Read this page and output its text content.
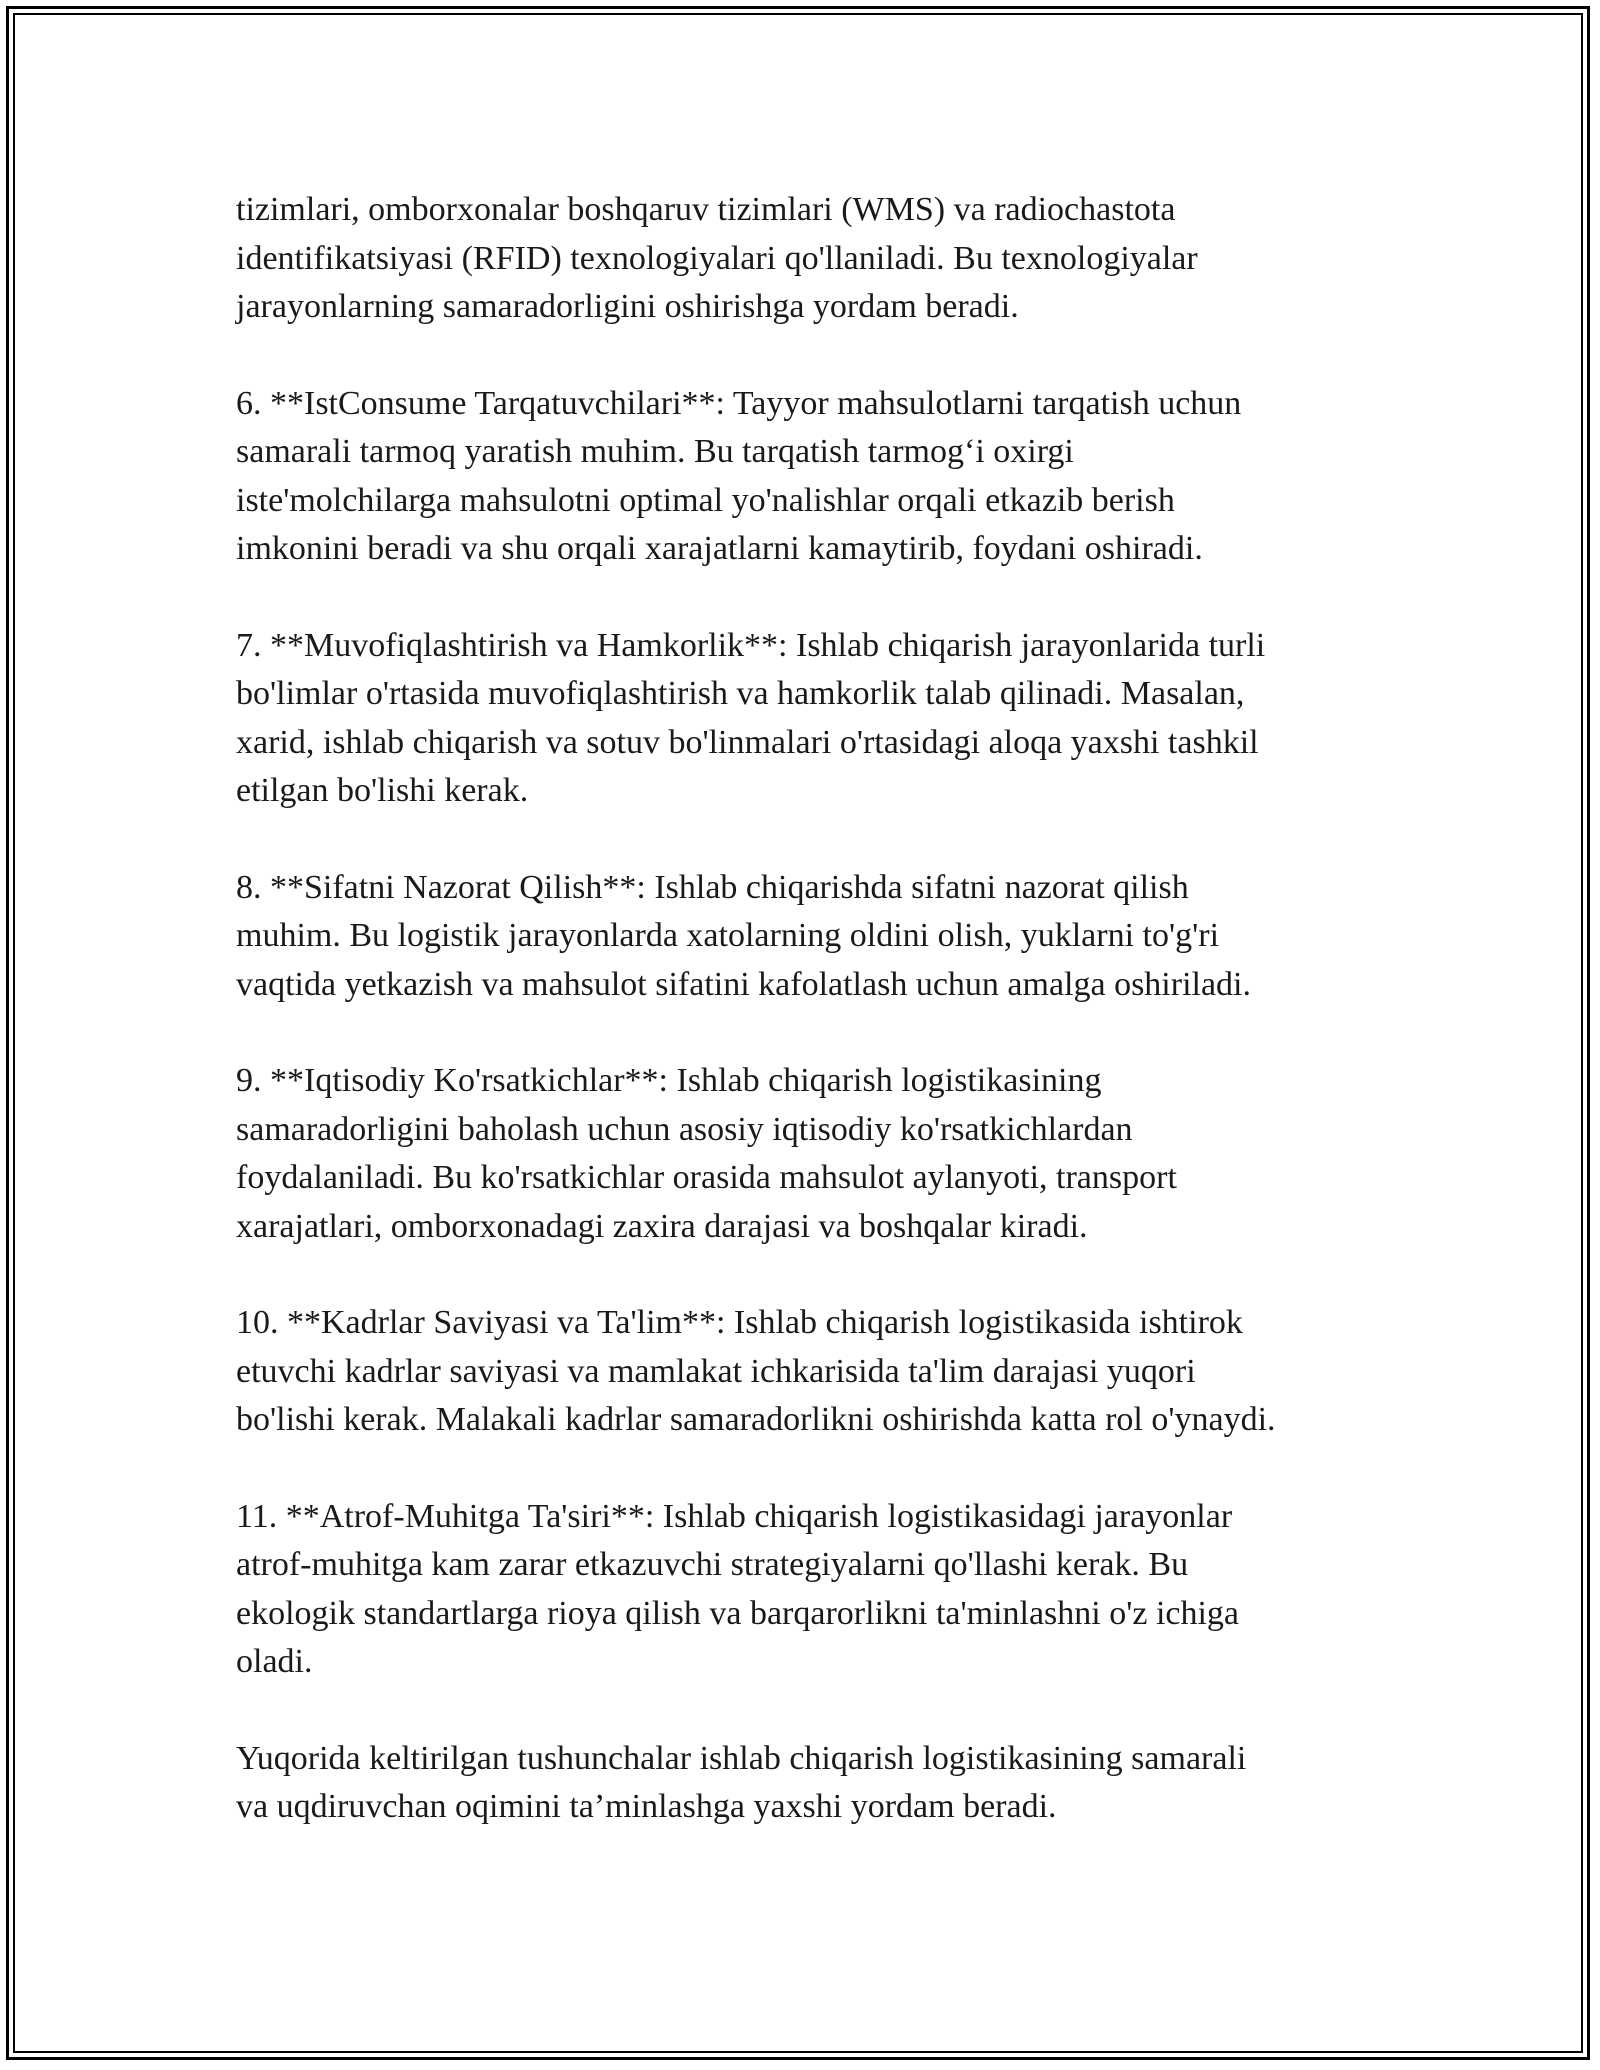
tizimlari, omborxonalar boshqaruv tizimlari (WMS) va radiochastota
identifikatsiyasi (RFID) texnologiyalari qo'llaniladi. Bu texnologiyalar
jarayonlarning samaradorligini oshirishga yordam beradi.

6. **IstConsume Tarqatuvchilari**: Tayyor mahsulotlarni tarqatish uchun
samarali tarmoq yaratish muhim. Bu tarqatish tarmog‘i oxirgi
iste'molchilarga mahsulotni optimal yo'nalishlar orqali etkazib berish
imkonini beradi va shu orqali xarajatlarni kamaytirib, foydani oshiradi.

7. **Muvofiqlashtirish va Hamkorlik**: Ishlab chiqarish jarayonlarida turli
bo'limlar o'rtasida muvofiqlashtirish va hamkorlik talab qilinadi. Masalan,
xarid, ishlab chiqarish va sotuv bo'linmalari o'rtasidagi aloqa yaxshi tashkil
etilgan bo'lishi kerak.

8. **Sifatni Nazorat Qilish**: Ishlab chiqarishda sifatni nazorat qilish
muhim. Bu logistik jarayonlarda xatolarning oldini olish, yuklarni to'g'ri
vaqtida yetkazish va mahsulot sifatini kafolatlash uchun amalga oshiriladi.

9. **Iqtisodiy Ko'rsatkichlar**: Ishlab chiqarish logistikasining
samaradorligini baholash uchun asosiy iqtisodiy ko'rsatkichlardan
foydalaniladi. Bu ko'rsatkichlar orasida mahsulot aylanyoti, transport
xarajatlari, omborxonadagi zaxira darajasi va boshqalar kiradi.

10. **Kadrlar Saviyasi va Ta'lim**: Ishlab chiqarish logistikasida ishtirok
etuvchi kadrlar saviyasi va mamlakat ichkarisida ta'lim darajasi yuqori
bo'lishi kerak. Malakali kadrlar samaradorlikni oshirishda katta rol o'ynaydi.

11. **Atrof-Muhitga Ta'siri**: Ishlab chiqarish logistikasidagi jarayonlar
atrof-muhitga kam zarar etkazuvchi strategiyalarni qo'llashi kerak. Bu
ekologik standartlarga rioya qilish va barqarorlikni ta'minlashni o'z ichiga
oladi.

Yuqorida keltirilgan tushunchalar ishlab chiqarish logistikasining samarali
va uqdiruvchan oqimini ta’minlashga yaxshi yordam beradi.
